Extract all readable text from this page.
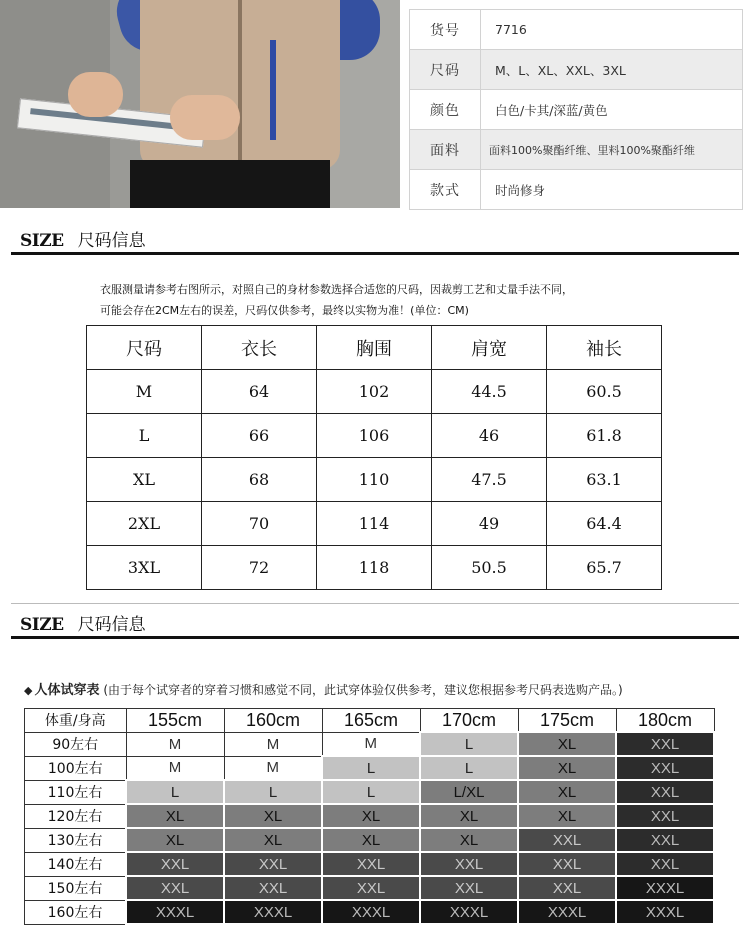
货号	7716
尺码	M、L、XL、XXL、3XL
颜色	白色/卡其/深蓝/黄色
面料	面料100%聚酯纤维、里料100%聚酯纤维
款式	时尚修身
SIZE 尺码信息
衣服测量请参考右图所示，对照自己的身材参数选择合适您的尺码，因裁剪工艺和丈量手法不同，
可能会存在2CM左右的误差，尺码仅供参考，最终以实物为准！(单位：CM)
尺码	衣长	胸围	肩宽	袖长
M	64	102	44.5	60.5
L	66	106	46	61.8
XL	68	110	47.5	63.1
2XL	70	114	49	64.4
3XL	72	118	50.5	65.7
SIZE 尺码信息
◆ 人体试穿表 (由于每个试穿者的穿着习惯和感觉不同，此试穿体验仅供参考，建议您根据参考尺码表选购产品。)
体重/身高	155cm	160cm	165cm	170cm	175cm	180cm
90左右	M	M	M	L	XL	XXL
100左右	M	M	L	L	XL	XXL
110左右	L	L	L	L/XL	XL	XXL
120左右	XL	XL	XL	XL	XL	XXL
130左右	XL	XL	XL	XL	XXL	XXL
140左右	XXL	XXL	XXL	XXL	XXL	XXL
150左右	XXL	XXL	XXL	XXL	XXL	XXXL
160左右	XXXL	XXXL	XXXL	XXXL	XXXL	XXXL
